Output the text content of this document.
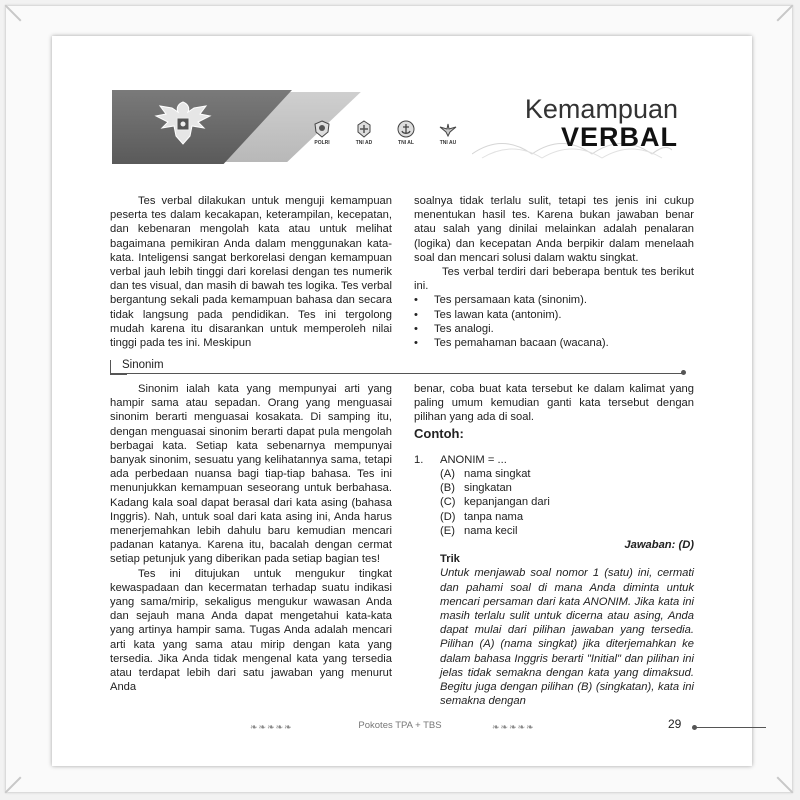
POLRI	TNI AD	TNI AL	TNI AU
Kemampuan
VERBAL

Tes verbal dilakukan untuk menguji kemampuan peserta tes dalam kecakapan, keterampilan, kecepatan, dan kebenaran mengolah kata atau untuk melihat bagaimana pemikiran Anda dalam menggunakan kata-kata. Inteligensi sangat berkorelasi dengan kemampuan verbal jauh lebih tinggi dari korelasi dengan tes numerik dan tes visual, dan masih di bawah tes logika. Tes verbal bergantung sekali pada kemampuan bahasa dan secara tidak langsung pada pendidikan. Tes ini tergolong mudah karena itu disarankan untuk memperoleh nilai tinggi pada tes ini. Meskipun

soalnya tidak terlalu sulit, tetapi tes jenis ini cukup menentukan hasil tes. Karena bukan jawaban benar atau salah yang dinilai melainkan adalah penalaran (logika) dan kecepatan Anda berpikir dalam menelaah soal dan mencari solusi dalam waktu singkat.

Tes verbal terdiri dari beberapa bentuk tes berikut ini.

• Tes persamaan kata (sinonim).
• Tes lawan kata (antonim).
• Tes analogi.
• Tes pemahaman bacaan (wacana).
Sinonim

Sinonim ialah kata yang mempunyai arti yang hampir sama atau sepadan. Orang yang menguasai sinonim berarti menguasai kosakata. Di samping itu, dengan menguasai sinonim berarti dapat pula mengolah berbagai kata. Setiap kata sebenarnya mempunyai banyak sinonim, sesuatu yang kelihatannya sama, tetapi ada perbedaan nuansa bagi tiap-tiap bahasa. Tes ini menunjukkan kemampuan seseorang untuk berbahasa. Kadang kala soal dapat berasal dari kata asing (bahasa Inggris). Nah, untuk soal dari kata asing ini, Anda harus menerjemahkan lebih dahulu baru kemudian mencari padanan katanya. Karena itu, bacalah dengan cermat setiap petunjuk yang diberikan pada setiap bagian tes!

Tes ini ditujukan untuk mengukur tingkat kewaspadaan dan kecermatan terhadap suatu indikasi yang sama/mirip, sekaligus mengukur wawasan Anda dan sejauh mana Anda dapat mengetahui kata-kata yang artinya hampir sama. Tugas Anda adalah mencari arti kata yang sama atau mirip dengan kata yang tersedia. Jika Anda tidak mengenal kata yang tersedia atau terdapat lebih dari satu jawaban yang menurut Anda

benar, coba buat kata tersebut ke dalam kalimat yang paling umum kemudian ganti kata tersebut dengan pilihan yang ada di soal.

Contoh:
1. ANONIM = ...
(A) nama singkat
(B) singkatan
(C) kepanjangan dari
(D) tanpa nama
(E) nama kecil
Jawaban: (D)
Trik

Untuk menjawab soal nomor 1 (satu) ini, cermati dan pahami soal di mana Anda diminta untuk mencari persaman dari kata ANONIM. Jika kata ini masih terlalu sulit untuk dicerna atau asing, Anda dapat mulai dari pilihan jawaban yang tersedia. Pilihan (A) (nama singkat) jika diterjemahkan ke dalam bahasa Inggris berarti "Initial" dan pilihan ini jelas tidak semakna dengan kata yang dimaksud. Begitu juga dengan pilihan (B) (singkatan), kata ini semakna dengan

❧❧❧❧❧	Pokotes TPA + TBS	❧❧❧❧❧	29
